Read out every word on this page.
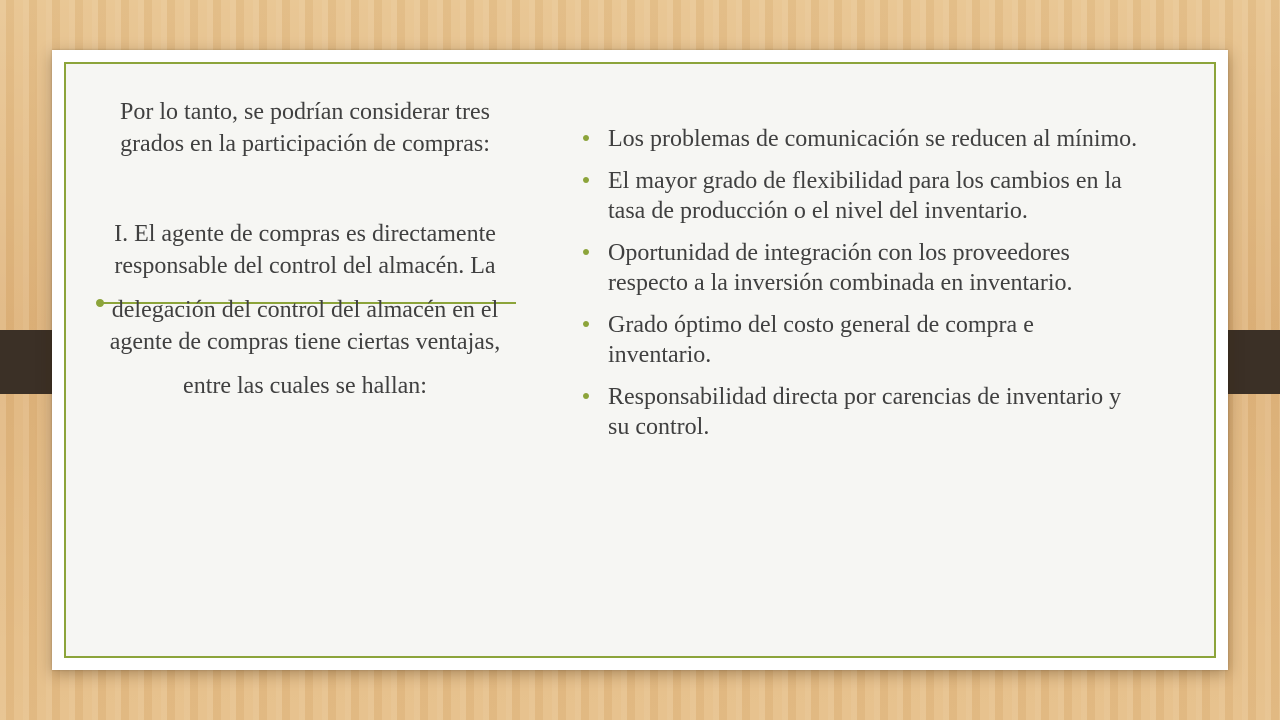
Por lo tanto, se podrían considerar tres grados en la participación de compras:

I. El agente de compras es directamente responsable del control del almacén. La

delegación del control del almacén en el agente de compras tiene ciertas ventajas,

entre las cuales se hallan:

Los problemas de comunicación se reducen al mínimo.
El mayor grado de flexibilidad para los cambios en la tasa de producción o el nivel del inventario.
Oportunidad de integración con los proveedores respecto a la inversión combinada en inventario.
Grado óptimo del costo general de compra e inventario.
Responsabilidad directa por carencias de inventario y su control.
